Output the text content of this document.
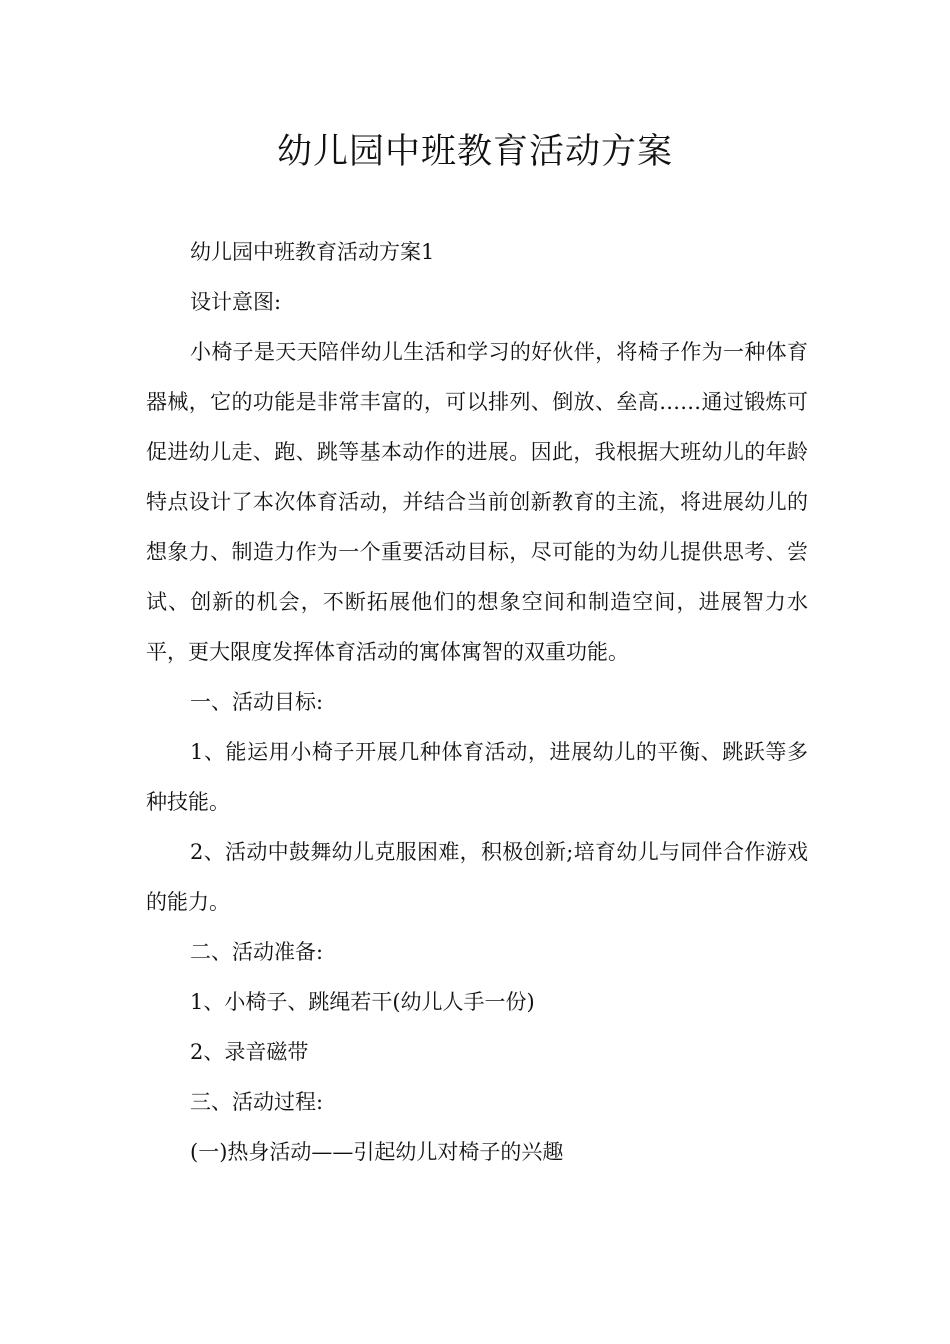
幼儿园中班教育活动方案

幼儿园中班教育活动方案1

设计意图:

小椅子是天天陪伴幼儿生活和学习的好伙伴，将椅子作为一种体育器械，它的功能是非常丰富的，可以排列、倒放、垒高……通过锻炼可促进幼儿走、跑、跳等基本动作的进展。因此，我根据大班幼儿的年龄特点设计了本次体育活动，并结合当前创新教育的主流，将进展幼儿的想象力、制造力作为一个重要活动目标，尽可能的为幼儿提供思考、尝试、创新的机会，不断拓展他们的想象空间和制造空间，进展智力水平，更大限度发挥体育活动的寓体寓智的双重功能。

一、活动目标:

1、能运用小椅子开展几种体育活动，进展幼儿的平衡、跳跃等多种技能。

2、活动中鼓舞幼儿克服困难，积极创新;培育幼儿与同伴合作游戏的能力。

二、活动准备:

1、小椅子、跳绳若干(幼儿人手一份)

2、录音磁带

三、活动过程:

(一)热身活动——引起幼儿对椅子的兴趣
